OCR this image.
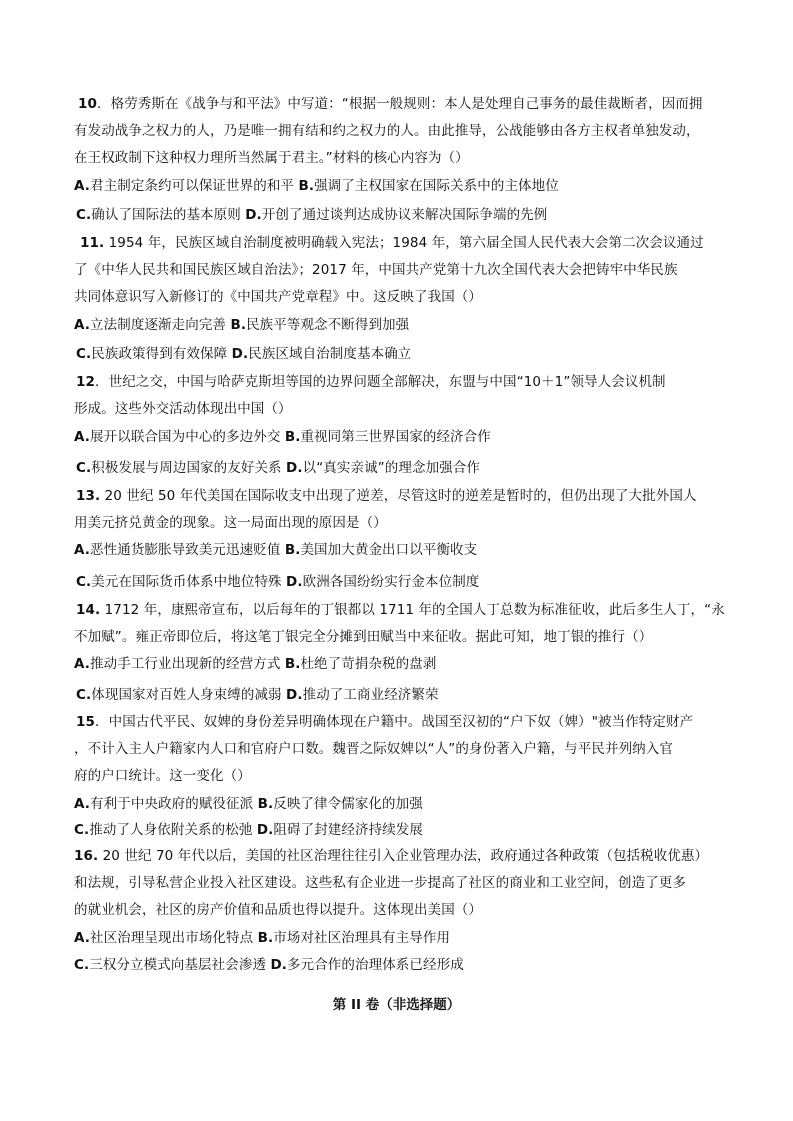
10．格劳秀斯在《战争与和平法》中写道：“根据一般规则：本人是处理自己事务的最佳裁断者，因而拥
有发动战争之权力的人，乃是唯一拥有结和约之权力的人。由此推导，公战能够由各方主权者单独发动，
在王权政制下这种权力理所当然属于君主。”材料的核心内容为（）
A.君主制定条约可以保证世界的和平 B.强调了主权国家在国际关系中的主体地位
C.确认了国际法的基本原则 D.开创了通过谈判达成协议来解决国际争端的先例
11. 1954 年，民族区域自治制度被明确载入宪法；1984 年，第六届全国人民代表大会第二次会议通过
了《中华人民共和国民族区域自治法》；2017 年，中国共产党第十九次全国代表大会把铸牢中华民族
共同体意识写入新修订的《中国共产党章程》中。这反映了我国（）
A.立法制度逐渐走向完善 B.民族平等观念不断得到加强
C.民族政策得到有效保障 D.民族区域自治制度基本确立
12．世纪之交，中国与哈萨克斯坦等国的边界问题全部解决，东盟与中国“10＋1”领导人会议机制
形成。这些外交活动体现出中国（）
A.展开以联合国为中心的多边外交 B.重视同第三世界国家的经济合作
C.积极发展与周边国家的友好关系 D.以“真实亲诚”的理念加强合作
13. 20 世纪 50 年代美国在国际收支中出现了逆差，尽管这时的逆差是暂时的，但仍出现了大批外国人
用美元挤兑黄金的现象。这一局面出现的原因是（）
A.恶性通货膨胀导致美元迅速贬值 B.美国加大黄金出口以平衡收支
C.美元在国际货币体系中地位特殊 D.欧洲各国纷纷实行金本位制度
14. 1712 年，康熙帝宣布，以后每年的丁银都以 1711 年的全国人丁总数为标准征收，此后多生人丁，“永
不加赋”。雍正帝即位后，将这笔丁银完全分摊到田赋当中来征收。据此可知，地丁银的推行（）
A.推动手工行业出现新的经营方式 B.杜绝了苛捐杂税的盘剥
C.体现国家对百姓人身束缚的减弱 D.推动了工商业经济繁荣
15．中国古代平民、奴婢的身份差异明确体现在户籍中。战国至汉初的“户下奴（婢）"被当作特定财产
，不计入主人户籍家内人口和官府户口数。魏晋之际奴婢以“人”的身份著入户籍，与平民并列纳入官
府的户口统计。这一变化（）
A.有利于中央政府的赋役征派 B.反映了律令儒家化的加强
C.推动了人身依附关系的松弛 D.阻碍了封建经济持续发展
16. 20 世纪 70 年代以后，美国的社区治理往往引入企业管理办法，政府通过各种政策（包括税收优惠）
和法规，引导私营企业投入社区建设。这些私有企业进一步提高了社区的商业和工业空间，创造了更多
的就业机会，社区的房产价值和品质也得以提升。这体现出美国（）
A.社区治理呈现出市场化特点 B.市场对社区治理具有主导作用
C.三权分立模式向基层社会渗透 D.多元合作的治理体系已经形成
第 II 卷（非选择题）
